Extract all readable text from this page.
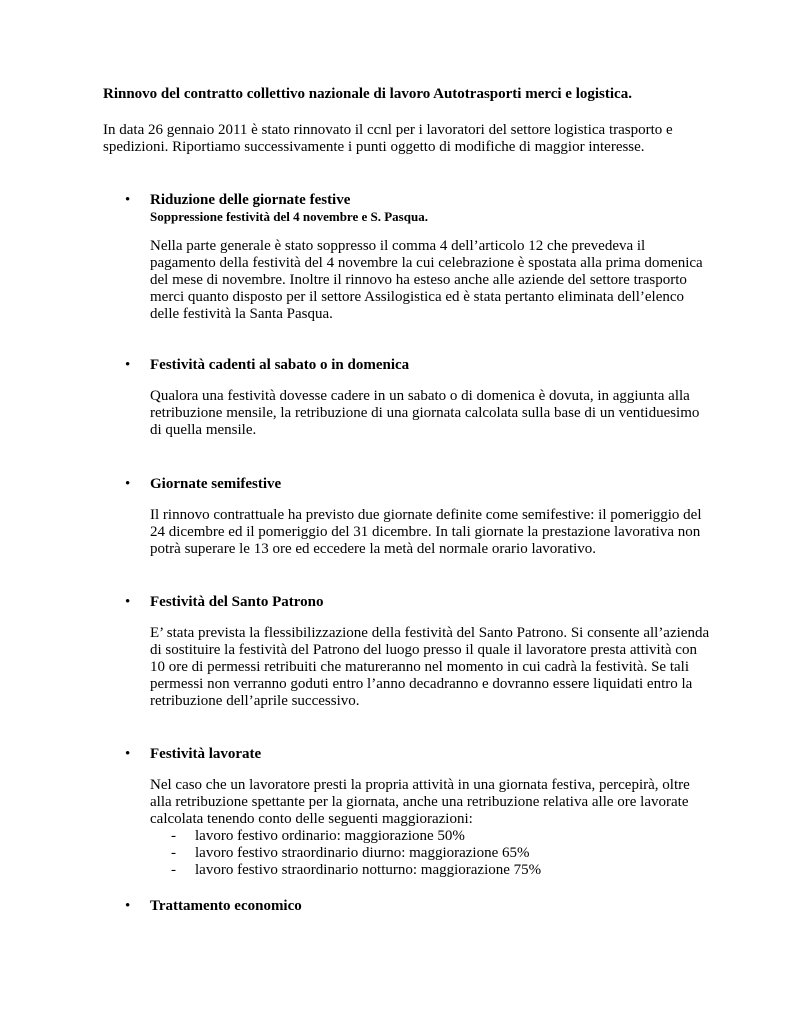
Rinnovo del contratto collettivo nazionale di lavoro Autotrasporti merci e logistica.

In data 26 gennaio 2011 è stato rinnovato il ccnl per i lavoratori del settore logistica trasporto e spedizioni. Riportiamo successivamente i punti oggetto di modifiche di maggior interesse.

• Riduzione delle giornate festive
Soppressione festività del 4 novembre e S. Pasqua.

Nella parte generale è stato soppresso il comma 4 dell’articolo 12 che prevedeva il pagamento della festività del 4 novembre la cui celebrazione è spostata alla prima domenica del mese di novembre. Inoltre il rinnovo ha esteso anche alle aziende del settore trasporto merci quanto disposto per il settore Assilogistica ed è stata pertanto eliminata dell’elenco delle festività la Santa Pasqua.

• Festività cadenti al sabato o in domenica

Qualora una festività dovesse cadere in un sabato o di domenica è dovuta, in aggiunta alla retribuzione mensile, la retribuzione di una giornata calcolata sulla base di un ventiduesimo di quella mensile.

• Giornate semifestive

Il rinnovo contrattuale ha previsto due giornate definite come semifestive: il pomeriggio del 24 dicembre ed il pomeriggio del 31 dicembre. In tali giornate la prestazione lavorativa non potrà superare le 13 ore ed eccedere la metà del normale orario lavorativo.

• Festività del Santo Patrono

E’ stata prevista la flessibilizzazione della festività del Santo Patrono. Si consente all’azienda di sostituire la festività del Patrono del luogo presso il quale il lavoratore presta attività con 10 ore di permessi retribuiti che matureranno nel momento in cui cadrà la festività. Se tali permessi non verranno goduti entro l’anno decadranno e dovranno essere liquidati entro la retribuzione dell’aprile successivo.

• Festività lavorate

Nel caso che un lavoratore presti la propria attività in una giornata festiva, percepirà, oltre alla retribuzione spettante per la giornata, anche una retribuzione relativa alle ore lavorate calcolata tenendo conto delle seguenti maggiorazioni:

- lavoro festivo ordinario: maggiorazione 50%
- lavoro festivo straordinario diurno: maggiorazione 65%
- lavoro festivo straordinario notturno: maggiorazione 75%
• Trattamento economico
